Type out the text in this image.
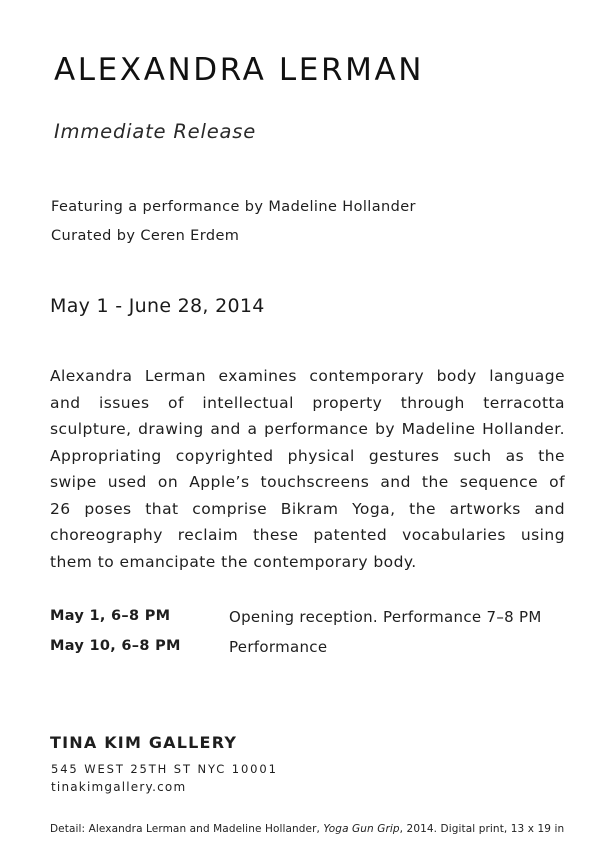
ALEXANDRA LERMAN
Immediate Release
Featuring a performance by Madeline Hollander
Curated by Ceren Erdem
May 1 - June 28, 2014

Alexandra Lerman examines contemporary body language
and issues of intellectual property through terracotta
sculpture, drawing and a performance by Madeline Hollander.
Appropriating copyrighted physical gestures such as the
swipe used on Apple’s touchscreens and the sequence of
26 poses that comprise Bikram Yoga, the artworks and
choreography reclaim these patented vocabularies using
them to emancipate the contemporary body.

May 1, 6–8 PM	Opening reception. Performance 7–8 PM
May 10, 6–8 PM	Performance
TINA KIM GALLERY
545 WEST 25TH ST NYC 10001
tinakimgallery.com
Detail: Alexandra Lerman and Madeline Hollander, Yoga Gun Grip, 2014. Digital print, 13 x 19 in
